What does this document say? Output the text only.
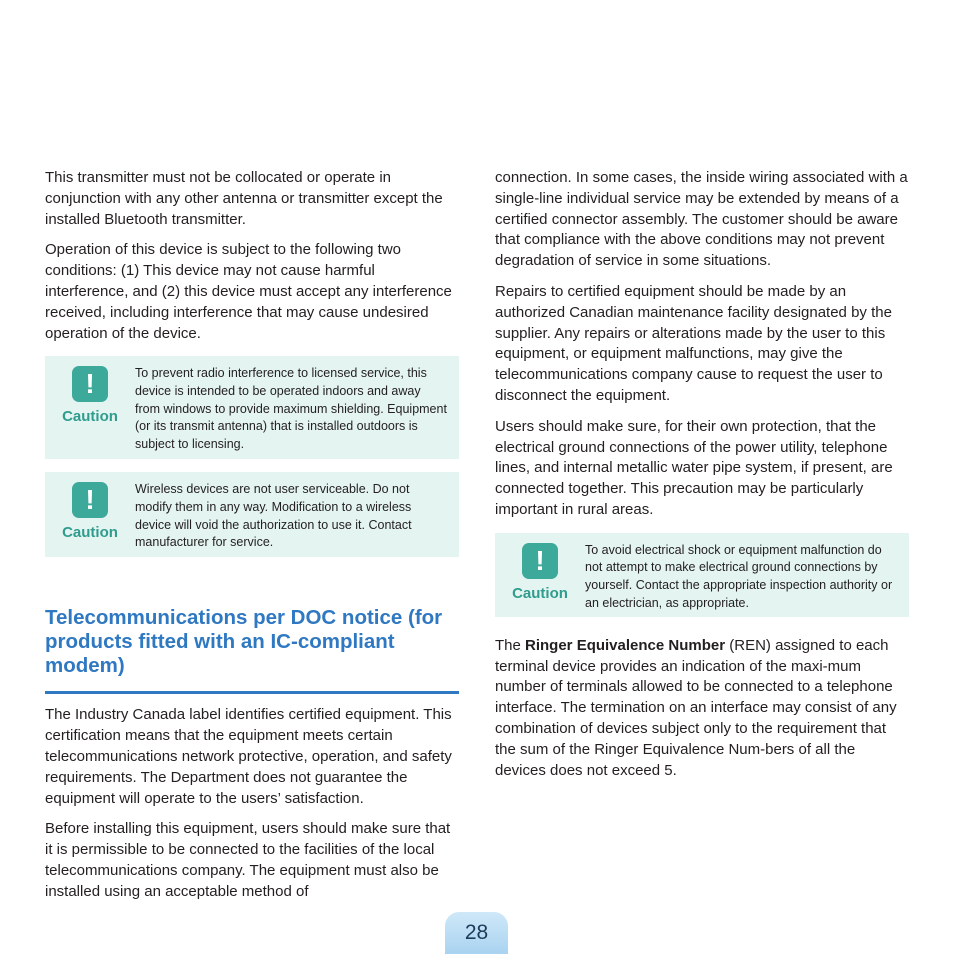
This transmitter must not be collocated or operate in conjunction with any other antenna or transmitter except the installed Bluetooth transmitter.

Operation of this device is subject to the following two conditions: (1) This device may not cause harmful interference, and (2) this device must accept any interference received, including interference that may cause undesired operation of the device.

!
Caution
To prevent radio interference to licensed service, this device is intended to be operated indoors and away from windows to provide maximum shielding. Equipment (or its transmit antenna) that is installed outdoors is subject to licensing.
!
Caution
Wireless devices are not user serviceable. Do not modify them in any way. Modification to a wireless device will void the authorization to use it. Contact manufacturer for service.
Telecommunications per DOC notice (for products fitted with an IC-compliant modem)

The Industry Canada label identifies certified equipment. This certification means that the equipment meets certain telecommunications network protective, operation, and safety requirements. The Department does not guarantee the equipment will operate to the users’ satisfaction.

Before installing this equipment, users should make sure that it is permissible to be connected to the facilities of the local telecommunications company. The equipment must also be installed using an acceptable method of

connection. In some cases, the inside wiring associated with a single-line individual service may be extended by means of a certified connector assembly. The customer should be aware that compliance with the above conditions may not prevent degradation of service in some situations.

Repairs to certified equipment should be made by an authorized Canadian maintenance facility designated by the supplier. Any repairs or alterations made by the user to this equipment, or equipment malfunctions, may give the telecommunications company cause to request the user to disconnect the equipment.

Users should make sure, for their own protection, that the electrical ground connections of the power utility, telephone lines, and internal metallic water pipe system, if present, are connected together. This precaution may be particularly important in rural areas.

!
Caution
To avoid electrical shock or equipment malfunction do not attempt to make electrical ground connections by yourself. Contact the appropriate inspection authority or an electrician, as appropriate.

The Ringer Equivalence Number (REN) assigned to each terminal device provides an indication of the maxi-mum number of terminals allowed to be connected to a telephone interface. The termination on an interface may consist of any combination of devices subject only to the requirement that the sum of the Ringer Equivalence Num-bers of all the devices does not exceed 5.

28
